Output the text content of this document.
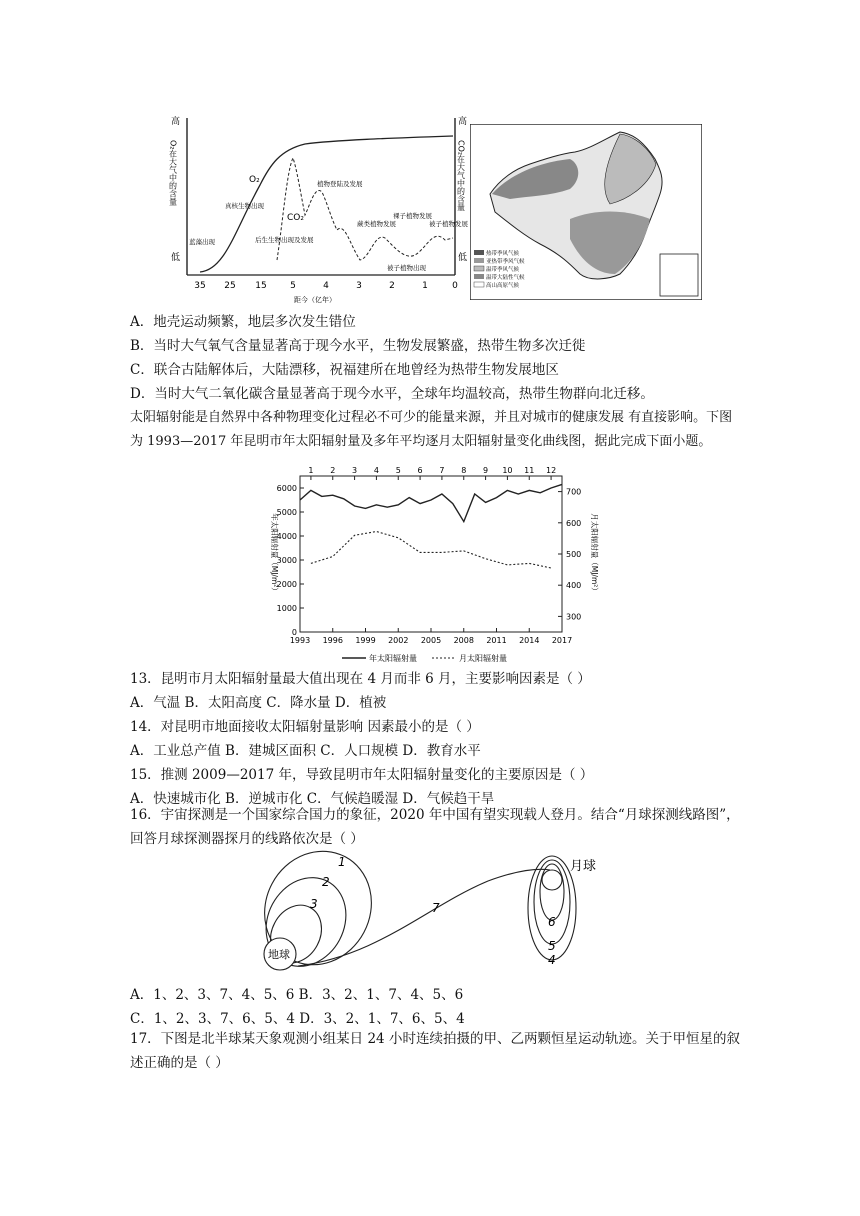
高
低
高
低
O₂在大气中的含量	CO₂在大气中的含量
O₂
CO₂
蓝藻出现
真核生物出现
后生生物出现及发展
植物登陆及发展
蕨类植物发展
裸子植物发展
被子植物出现
被子植物发展
35 25 15	5	4	3	2	1	0
距今（亿年）
热带季风气候
亚热带季风气候
温带季风气候
温带大陆性气候
高山高原气候
A．地壳运动频繁，地层多次发生错位
B．当时大气氧气含量显著高于现今水平，生物发展繁盛，热带生物多次迁徙
C．联合古陆解体后，大陆漂移，祝福建所在地曾经为热带生物发展地区
D．当时大气二氧化碳含量显著高于现今水平，全球年均温较高，热带生物群向北迁移。
太阳辐射能是自然界中各种物理变化过程必不可少的能量来源，并且对城市的健康发展 有直接影响。下图为 1993—2017 年昆明市年太阳辐射量及多年平均逐月太阳辐射量变化曲线图，据此完成下面小题。
0
1000
2000
3000
4000
5000
6000
300
400
500
600
700
1993 1996 1999 2002 2005 2008 2011 2014 2017
1 2 3 4 5 6 7 8 9 10 11 12
年太阳辐射量（MJ/m²）	月太阳辐射量（MJ/m²）
年太阳辐射量	月太阳辐射量
13．昆明市月太阳辐射量最大值出现在 4 月而非 6 月，主要影响因素是（ ）
A．气温 B．太阳高度 C．降水量 D．植被
14．对昆明市地面接收太阳辐射量影响 因素最小的是（ ）
A．工业总产值 B．建城区面积 C．人口规模 D．教育水平
15．推测 2009—2017 年，导致昆明市年太阳辐射量变化的主要原因是（ ）
A．快速城市化 B．逆城市化 C．气候趋暖湿 D．气候趋干旱
16．宇宙探测是一个国家综合国力的象征，2020 年中国有望实现载人登月。结合“月球探测线路图”，回答月球探测器探月的线路依次是（ ）
1
2
3	7
6
5
4
地球
月球
A．1、2、3、7、4、5、6 B．3、2、1、7、4、5、6
C．1、2、3、7、6、5、4 D．3、2、1、7、6、5、4
17．下图是北半球某天象观测小组某日 24 小时连续拍摄的甲、乙两颗恒星运动轨迹。关于甲恒星的叙述正确的是（ ）
